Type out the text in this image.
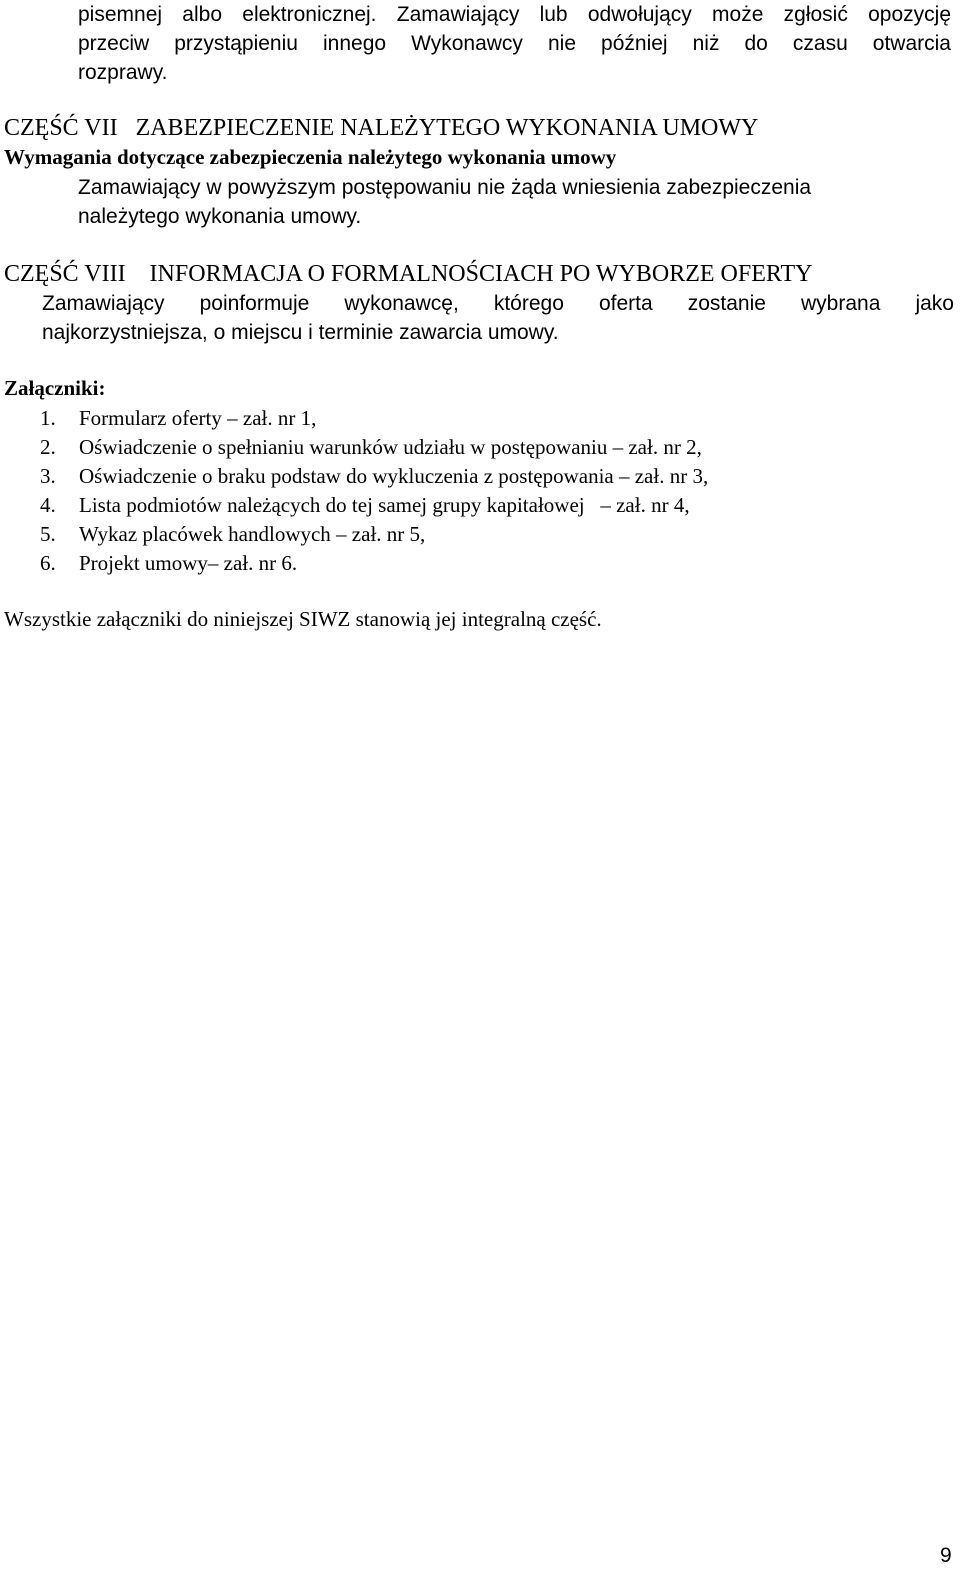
pisemnej albo elektronicznej. Zamawiający lub odwołujący może zgłosić opozycję

przeciw przystąpieniu innego Wykonawcy nie później niż do czasu otwarcia

rozprawy.

CZĘŚĆ VII   ZABEZPIECZENIE NALEŻYTEGO WYKONANIA UMOWY
Wymagania dotyczące zabezpieczenia należytego wykonania umowy

Zamawiający w powyższym postępowaniu nie żąda wniesienia zabezpieczenia

należytego wykonania umowy.

CZĘŚĆ VIII    INFORMACJA O FORMALNOŚCIACH PO WYBORZE OFERTY

Zamawiający poinformuje wykonawcę, którego oferta zostanie wybrana jako

najkorzystniejsza, o miejscu i terminie zawarcia umowy.

Załączniki:
1. Formularz oferty – zał. nr 1,
2. Oświadczenie o spełnianiu warunków udziału w postępowaniu – zał. nr 2,
3. Oświadczenie o braku podstaw do wykluczenia z postępowania – zał. nr 3,
4. Lista podmiotów należących do tej samej grupy kapitałowej   – zał. nr 4,
5. Wykaz placówek handlowych – zał. nr 5,
6. Projekt umowy– zał. nr 6.

Wszystkie załączniki do niniejszej SIWZ stanowią jej integralną część.

9
